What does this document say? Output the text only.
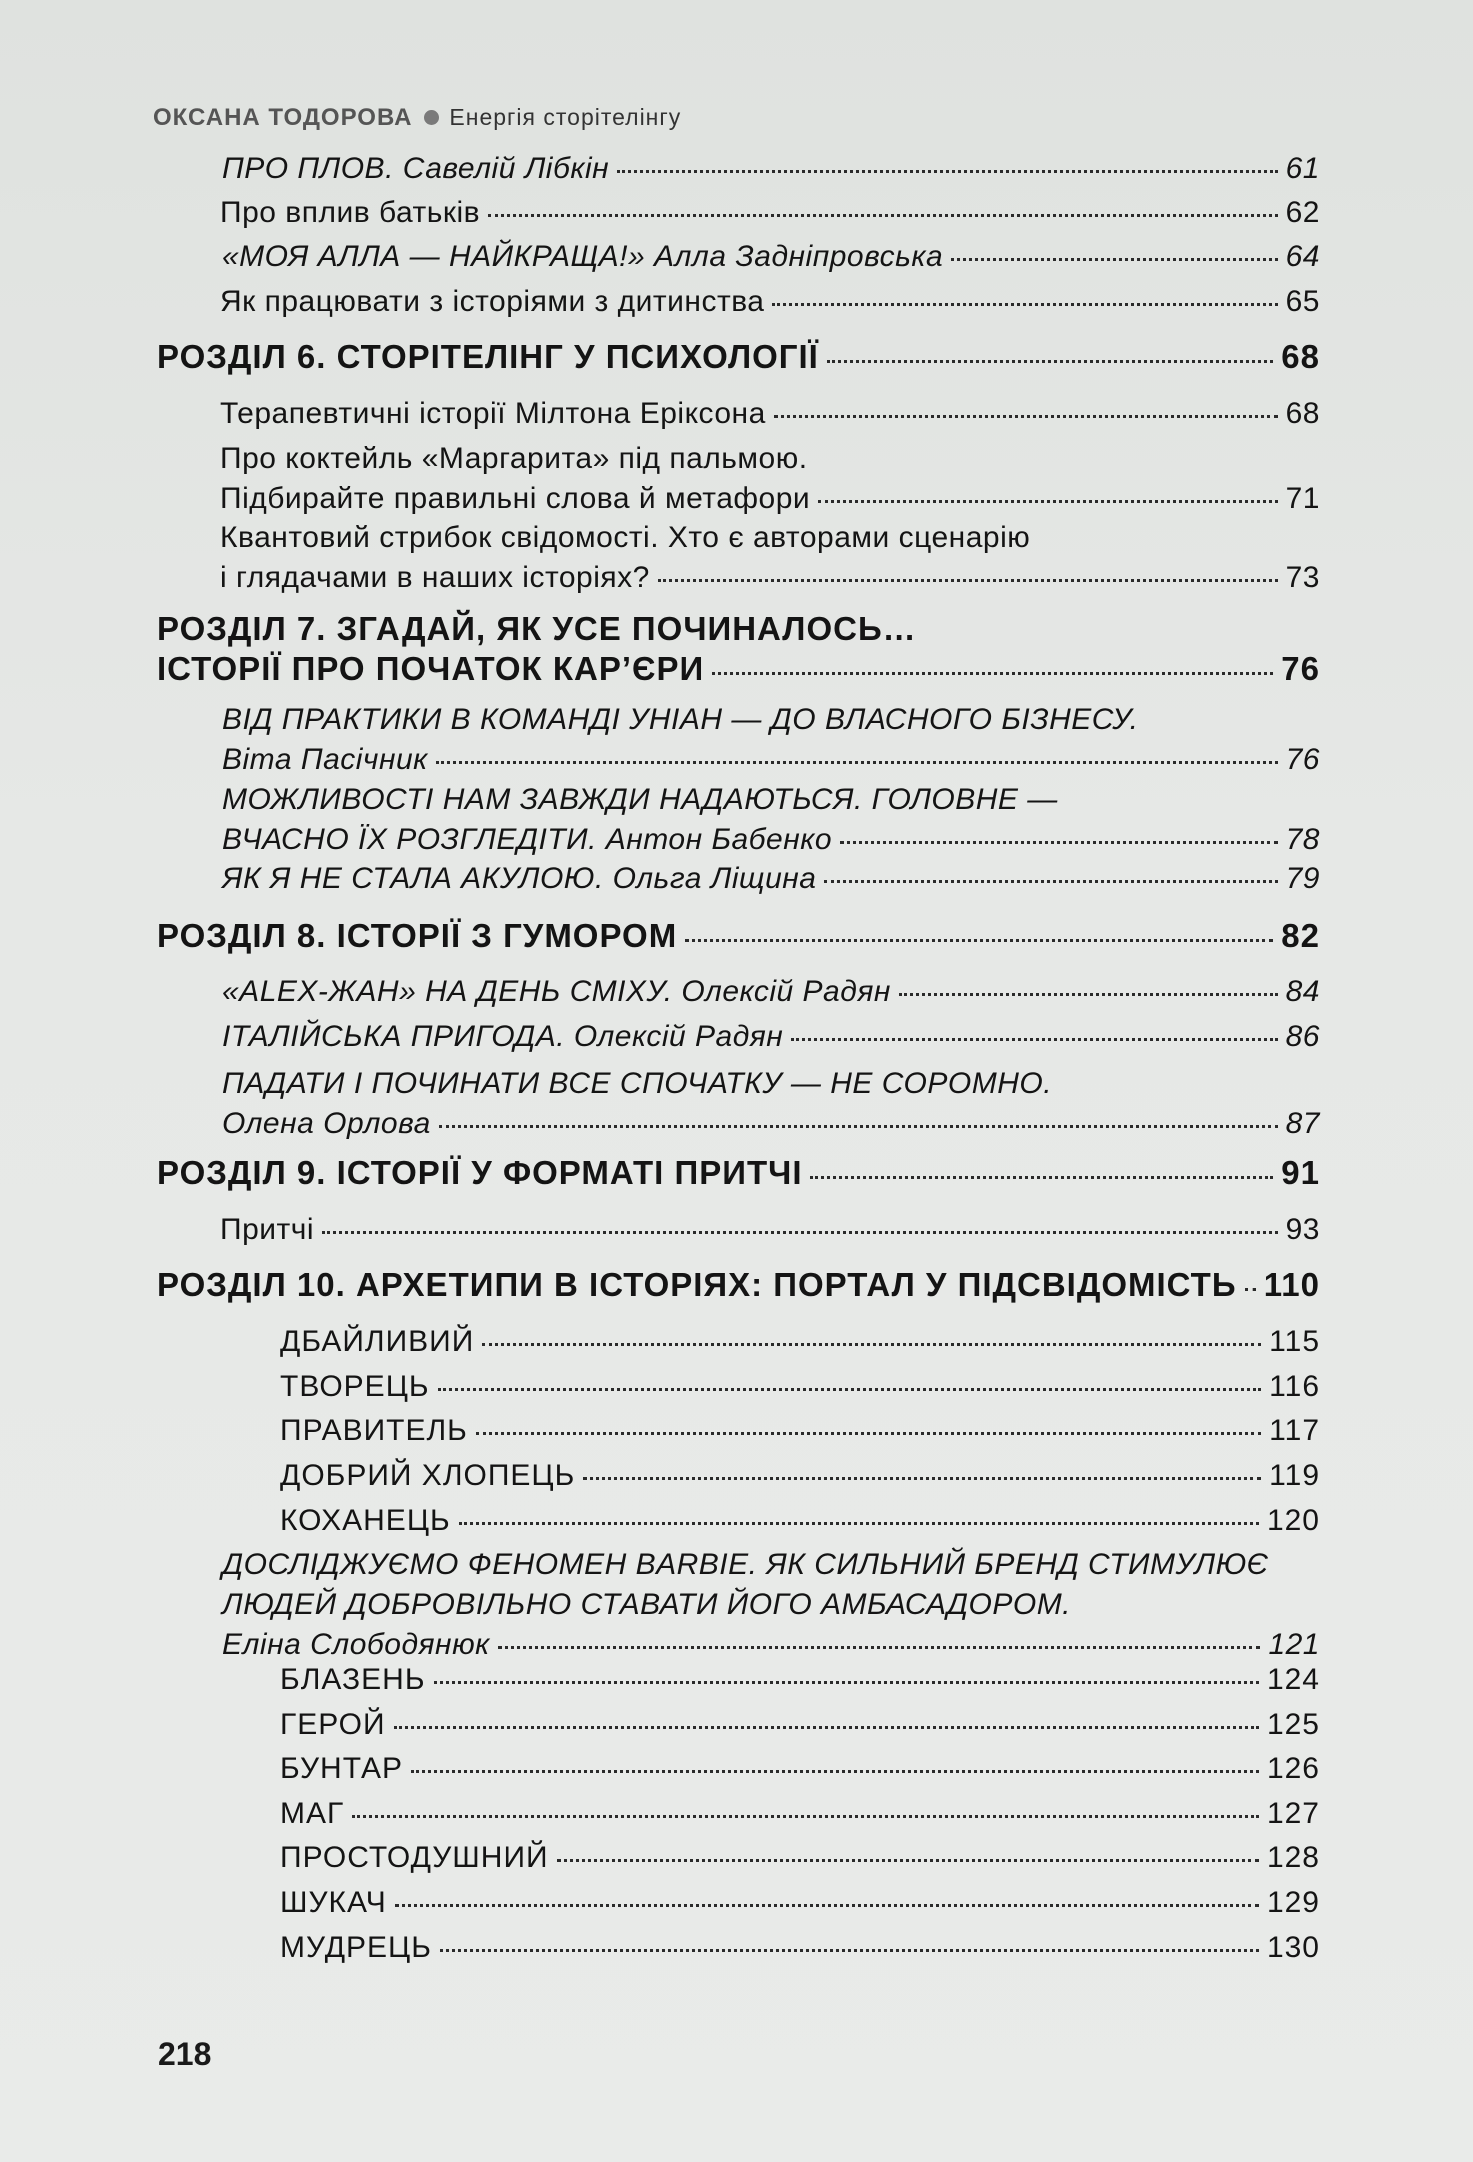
ОКСАНА ТОДОРОВА Енергія сторітелінгу
ПРО ПЛОВ. Савелій Лібкін	61
Про вплив батьків	62
«МОЯ АЛЛА — НАЙКРАЩА!» Алла Задніпровська	64
Як працювати з історіями з дитинства	65
РОЗДІЛ 6. СТОРІТЕЛІНГ У ПСИХОЛОГІЇ	68
Терапевтичні історії Мілтона Еріксона	68
Про коктейль «Маргарита» під пальмою.
Підбирайте правильні слова й метафори	71
Квантовий стрибок свідомості. Хто є авторами сценарію
і глядачами в наших історіях?	73
РОЗДІЛ 7. ЗГАДАЙ, ЯК УСЕ ПОЧИНАЛОСЬ…
ІСТОРІЇ ПРО ПОЧАТОК КАР’ЄРИ	76
ВІД ПРАКТИКИ В КОМАНДІ УНІАН — ДО ВЛАСНОГО БІЗНЕСУ.
Віта Пасічник	76
МОЖЛИВОСТІ НАМ ЗАВЖДИ НАДАЮТЬСЯ. ГОЛОВНЕ —
ВЧАСНО ЇХ РОЗГЛЕДІТИ. Антон Бабенко	78
ЯК Я НЕ СТАЛА АКУЛОЮ. Ольга Ліщина	79
РОЗДІЛ 8. ІСТОРІЇ З ГУМОРОМ	82
«ALEX-ЖАН» НА ДЕНЬ СМІХУ. Олексій Радян	84
ІТАЛІЙСЬКА ПРИГОДА. Олексій Радян	86
ПАДАТИ І ПОЧИНАТИ ВСЕ СПОЧАТКУ — НЕ СОРОМНО.
Олена Орлова	87
РОЗДІЛ 9. ІСТОРІЇ У ФОРМАТІ ПРИТЧІ	91
Притчі	93
РОЗДІЛ 10. АРХЕТИПИ В ІСТОРІЯХ: ПОРТАЛ У ПІДСВІДОМІСТЬ 110
ДБАЙЛИВИЙ	115
ТВОРЕЦЬ	116
ПРАВИТЕЛЬ	117
ДОБРИЙ ХЛОПЕЦЬ	119
КОХАНЕЦЬ	120
ДОСЛІДЖУЄМО ФЕНОМЕН BARBIE. ЯК СИЛЬНИЙ БРЕНД СТИМУЛЮЄ
ЛЮДЕЙ ДОБРОВІЛЬНО СТАВАТИ ЙОГО АМБАСАДОРОМ.
Еліна Слободянюк	121
БЛАЗЕНЬ	124
ГЕРОЙ	125
БУНТАР	126
МАГ	127
ПРОСТОДУШНИЙ	128
ШУКАЧ	129
МУДРЕЦЬ	130
218
